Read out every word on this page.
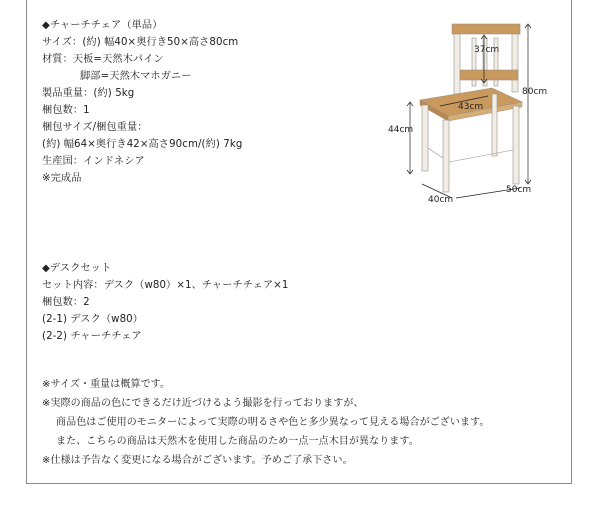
◆チャーチチェア（単品）
サイズ：(約) 幅40×奥行き50×高さ80cm
材質：天板=天然木パイン
脚部=天然木マホガニー
製品重量：(約) 5kg
梱包数：1
梱包サイズ/梱包重量：
(約) 幅64×奥行き42×高さ90cm/(約) 7kg
生産国：インドネシア
※完成品
37cm
80cm
43cm
44cm
40cm
50cm
◆デスクセット
セット内容：デスク（w80）×1、チャーチチェア×1
梱包数：2
(2-1) デスク（w80）
(2-2) チャーチチェア
※サイズ・重量は概算です。
※実際の商品の色にできるだけ近づけるよう撮影を行っておりますが、
商品色はご使用のモニターによって実際の明るさや色と多少異なって見える場合がございます。
また、こちらの商品は天然木を使用した商品のため一点一点木目が異なります。
※仕様は予告なく変更になる場合がございます。予めご了承下さい。
